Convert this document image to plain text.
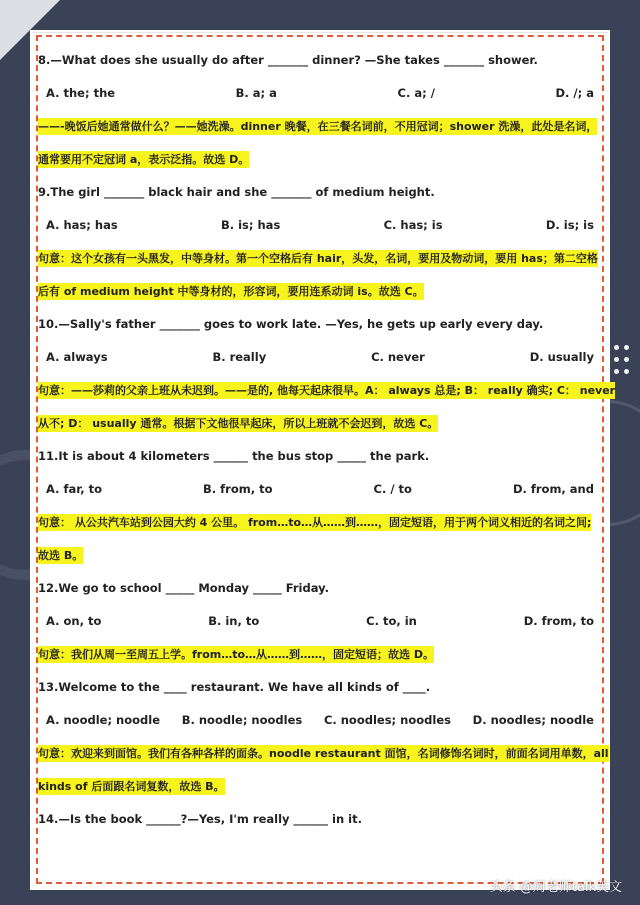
8.—What does she usually do after _______ dinner? —She takes _______ shower.
A. the; the	B. a; a	C. a; /	D. /; a
——-晚饭后她通常做什么？——她洗澡。dinner 晚餐，在三餐名词前，不用冠词；shower 洗澡，此处是名词，
通常要用不定冠词 a，表示泛指。故选 D。
9.The girl _______ black hair and she _______ of medium height.
A. has; has	B. is; has	C. has; is	D. is; is
句意：这个女孩有一头黑发，中等身材。第一个空格后有 hair，头发，名词，要用及物动词，要用 has；第二空格
后有 of medium height 中等身材的，形容词，要用连系动词 is。故选 C。
10.—Sally's father _______ goes to work late. —Yes, he gets up early every day.
A. always	B. really	C. never	D. usually
句意：——莎莉的父亲上班从未迟到。——是的, 他每天起床很早。A： always 总是; B： really 确实; C： never
从不; D： usually 通常。根据下文他很早起床，所以上班就不会迟到，故选 C。
11.It is about 4 kilometers ______ the bus stop _____ the park.
A. far, to	B. from, to	C. / to	D. from, and
句意： 从公共汽车站到公园大约 4 公里。 from…to…从……到……，固定短语，用于两个词义相近的名词之间;
故选 B。
12.We go to school _____ Monday _____ Friday.
A. on, to	B. in, to	C. to, in	D. from, to
句意：我们从周一至周五上学。from…to…从……到……，固定短语；故选 D。
13.Welcome to the ____ restaurant. We have all kinds of ____.
A. noodle; noodle B. noodle; noodles C. noodles; noodles D. noodles; noodle
句意：欢迎来到面馆。我们有各种各样的面条。noodle restaurant 面馆，名词修饰名词时，前面名词用单数，all
kinds of 后面跟名词复数，故选 B。
14.—Is the book ______?—Yes, I'm really ______ in it.
头条 @周老师talk英文
